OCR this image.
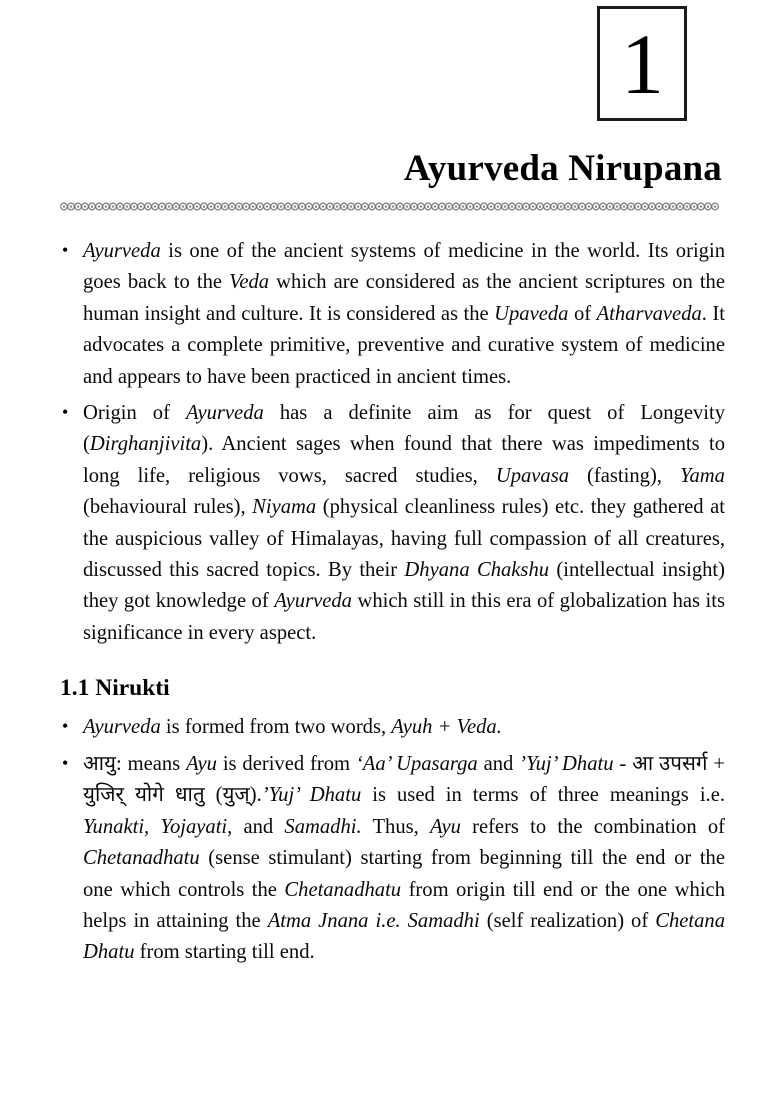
1
Ayurveda Nirupana

• Ayurveda is one of the ancient systems of medicine in the world. Its origin goes back to the Veda which are considered as the ancient scriptures on the human insight and culture. It is considered as the Upaveda of Atharvaveda. It advocates a complete primitive, preventive and curative system of medicine and appears to have been practiced in ancient times.

• Origin of Ayurveda has a definite aim as for quest of Longevity (Dirghanjivita). Ancient sages when found that there was impediments to long life, religious vows, sacred studies, Upavasa (fasting), Yama (behavioural rules), Niyama (physical cleanliness rules) etc. they gathered at the auspicious valley of Himalayas, having full compassion of all creatures, discussed this sacred topics. By their Dhyana Chakshu (intellectual insight) they got knowledge of Ayurveda which still in this era of globalization has its significance in every aspect.

1.1 Nirukti

• Ayurveda is formed from two words, Ayuh + Veda.

• आयु: means Ayu is derived from ‘Aa’ Upasarga and ’Yuj’ Dhatu - आ उपसर्ग + युजिर् योगे धातु (युज्).’Yuj’ Dhatu is used in terms of three meanings i.e. Yunakti, Yojayati, and Samadhi. Thus, Ayu refers to the combination of Chetanadhatu (sense stimulant) starting from beginning till the end or the one which controls the Chetanadhatu from origin till end or the one which helps in attaining the Atma Jnana i.e. Samadhi (self realization) of Chetana Dhatu from starting till end.
